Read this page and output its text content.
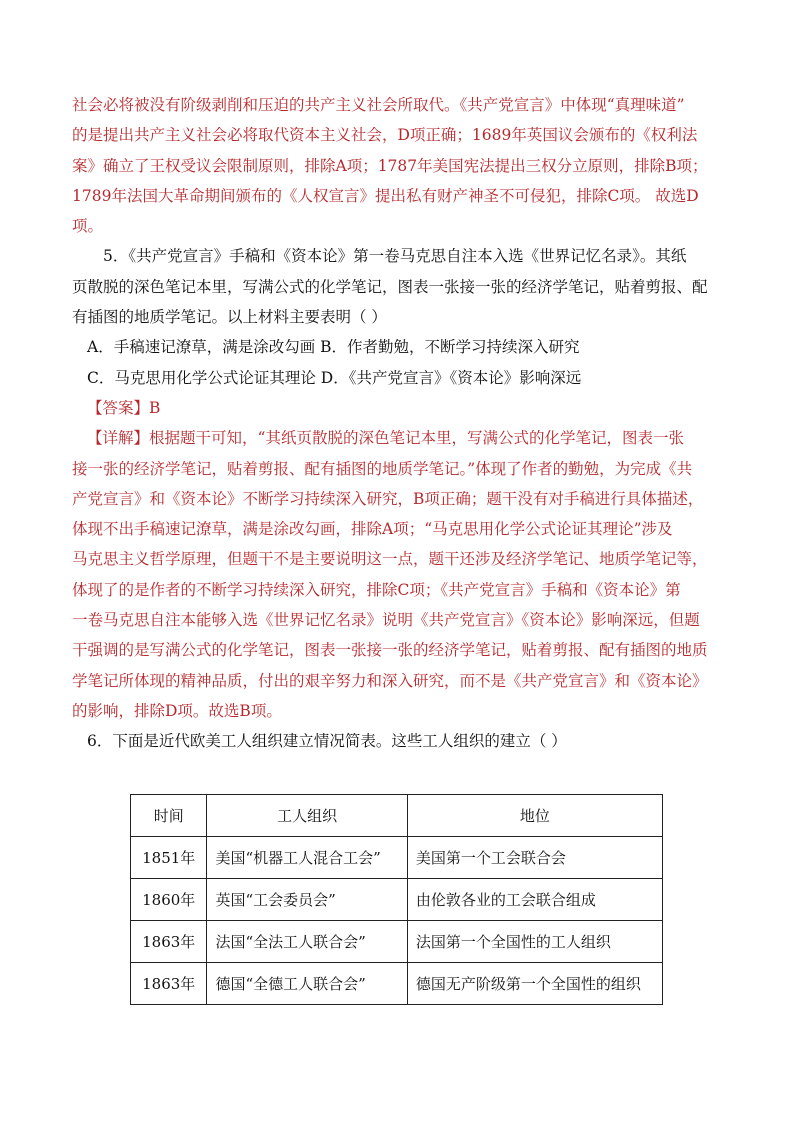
社会必将被没有阶级剥削和压迫的共产主义社会所取代。《共产党宣言》中体现“真理味道”
的是提出共产主义社会必将取代资本主义社会，D项正确；1689年英国议会颁布的《权利法
案》确立了王权受议会限制原则，排除A项；1787年美国宪法提出三权分立原则，排除B项；
1789年法国大革命期间颁布的《人权宣言》提出私有财产神圣不可侵犯，排除C项。 故选D
项。
5．《共产党宣言》手稿和《资本论》第一卷马克思自注本入选《世界记忆名录》。其纸
页散脱的深色笔记本里，写满公式的化学笔记，图表一张接一张的经济学笔记，贴着剪报、配
有插图的地质学笔记。以上材料主要表明（ ）
A．手稿速记潦草，满是涂改勾画 B．作者勤勉，不断学习持续深入研究
C．马克思用化学公式论证其理论 D．《共产党宣言》《资本论》影响深远
【答案】B
【详解】根据题干可知，“其纸页散脱的深色笔记本里，写满公式的化学笔记，图表一张
接一张的经济学笔记，贴着剪报、配有插图的地质学笔记。”体现了作者的勤勉，为完成《共
产党宣言》和《资本论》不断学习持续深入研究，B项正确；题干没有对手稿进行具体描述，
体现不出手稿速记潦草，满是涂改勾画，排除A项；“马克思用化学公式论证其理论”涉及
马克思主义哲学原理，但题干不是主要说明这一点，题干还涉及经济学笔记、地质学笔记等，
体现了的是作者的不断学习持续深入研究，排除C项；《共产党宣言》手稿和《资本论》第
一卷马克思自注本能够入选《世界记忆名录》说明《共产党宣言》《资本论》影响深远，但题
干强调的是写满公式的化学笔记，图表一张接一张的经济学笔记，贴着剪报、配有插图的地质
学笔记所体现的精神品质，付出的艰辛努力和深入研究，而不是《共产党宣言》和《资本论》
的影响，排除D项。故选B项。
6．下面是近代欧美工人组织建立情况简表。这些工人组织的建立（ ）
时间	工人组织	地位
1851年	美国“机器工人混合工会”	美国第一个工会联合会
1860年	英国“工会委员会”	由伦敦各业的工会联合组成
1863年	法国“全法工人联合会”	法国第一个全国性的工人组织
1863年	德国“全德工人联合会”	德国无产阶级第一个全国性的组织
